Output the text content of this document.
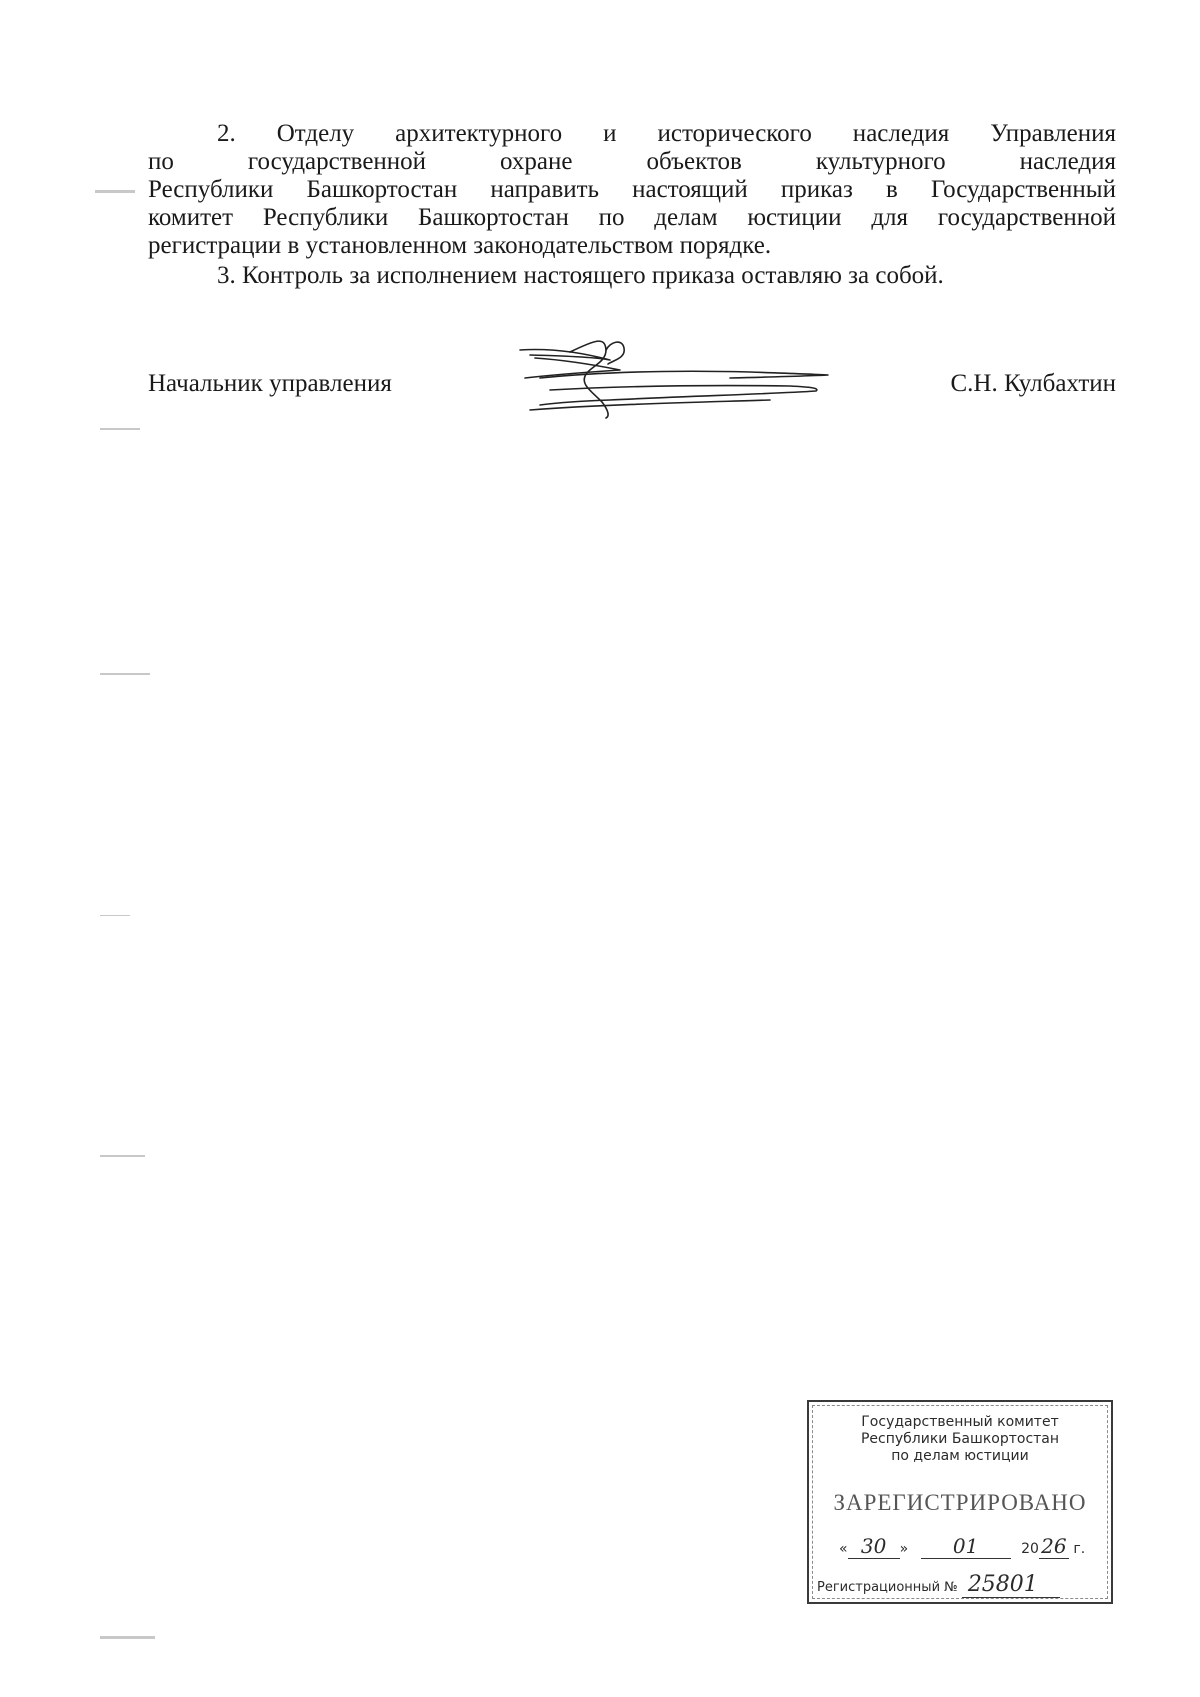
2. Отделу архитектурного и исторического наследия Управления
по государственной охране объектов культурного наследия
Республики Башкортостан направить настоящий приказ в Государственный
комитет Республики Башкортостан по делам юстиции для государственной
регистрации в установленном законодательством порядке.

3. Контроль за исполнением настоящего приказа оставляю за собой.

Начальник управления	С.Н. Кулбахтин
Государственный комитет
Республики Башкортостан
по делам юстиции
ЗАРЕГИСТРИРОВАНО
« 30 » 01	20 26 г.
Регистрационный № 25801
